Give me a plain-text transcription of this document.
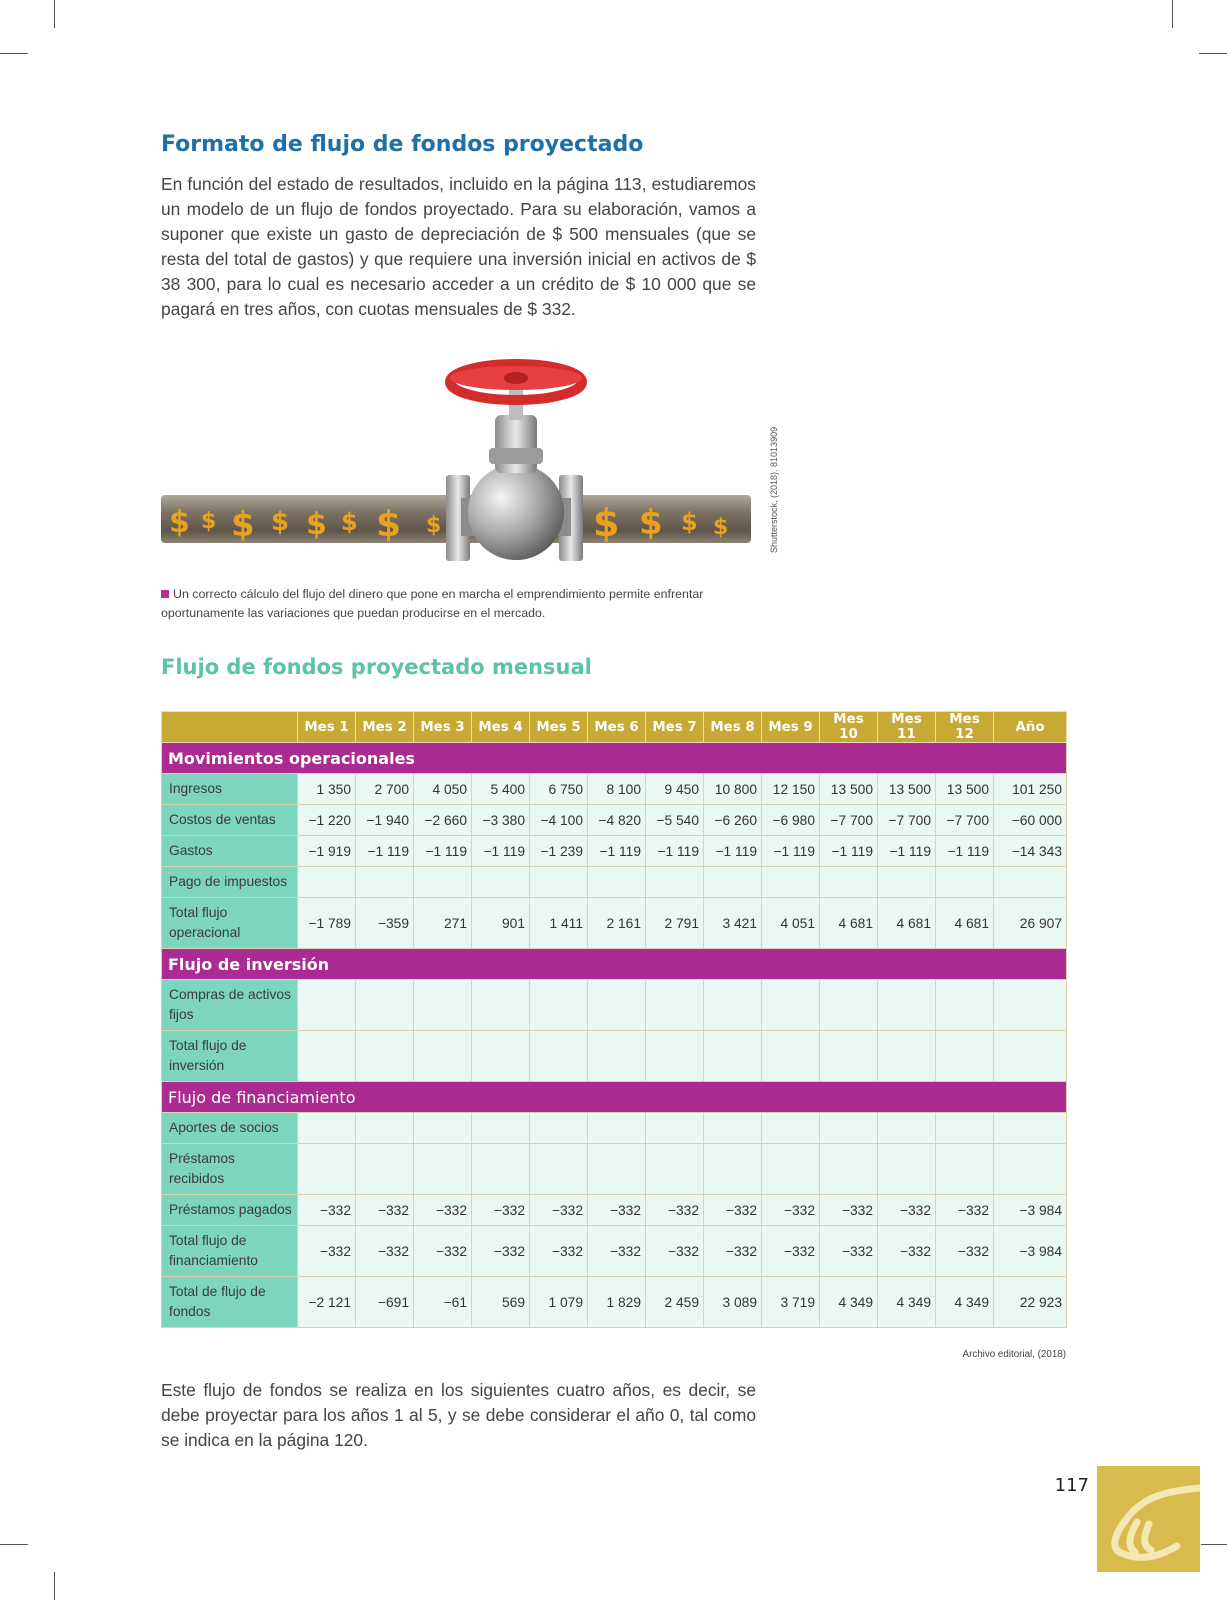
Formato de flujo de fondos proyectado

En función del estado de resultados, incluido en la página 113, estudiaremos un modelo de un flujo de fondos proyectado. Para su elaboración, vamos a suponer que existe un gasto de depreciación de $ 500 mensuales (que se resta del total de gastos) y que requiere una inversión inicial en activos de $ 38 300, para lo cual es necesario acceder a un crédito de $ 10 000 que se pagará en tres años, con cuotas mensuales de $ 332.

$ $ $ $ $ $ $ $	$ $ $ $	Shutterstock, (2018). 81013909
Un correcto cálculo del flujo del dinero que pone en marcha el emprendimiento permite enfrentar oportunamente las variaciones que puedan producirse en el mercado.
Flujo de fondos proyectado mensual
	Mes 1	Mes 2	Mes 3	Mes 4	Mes 5	Mes 6	Mes 7	Mes 8	Mes 9	Mes 10	Mes 11	Mes 12	Año
Movimientos operacionales													
Ingresos	1 350	2 700	4 050	5 400	6 750	8 100	9 450	10 800	12 150	13 500	13 500	13 500	101 250
Costos de ventas	−1 220	−1 940	−2 660	−3 380	−4 100	−4 820	−5 540	−6 260	−6 980	−7 700	−7 700	−7 700	−60 000
Gastos	−1 919	−1 119	−1 119	−1 119	−1 239	−1 119	−1 119	−1 119	−1 119	−1 119	−1 119	−1 119	−14 343
Pago de impuestos													
Total flujo operacional	−1 789	−359	271	901	1 411	2 161	2 791	3 421	4 051	4 681	4 681	4 681	26 907
Flujo de inversión													
Compras de activos fijos													
Total flujo de inversión													
Flujo de financiamiento													
Aportes de socios													
Préstamos recibidos													
Préstamos pagados	−332	−332	−332	−332	−332	−332	−332	−332	−332	−332	−332	−332	−3 984
Total flujo de financiamiento	−332	−332	−332	−332	−332	−332	−332	−332	−332	−332	−332	−332	−3 984
Total de flujo de fondos	−2 121	−691	−61	569	1 079	1 829	2 459	3 089	3 719	4 349	4 349	4 349	22 923
Archivo editorial, (2018)

Este flujo de fondos se realiza en los siguientes cuatro años, es decir, se debe proyectar para los años 1 al 5, y se debe considerar el año 0, tal como se indica en la página 120.

117
